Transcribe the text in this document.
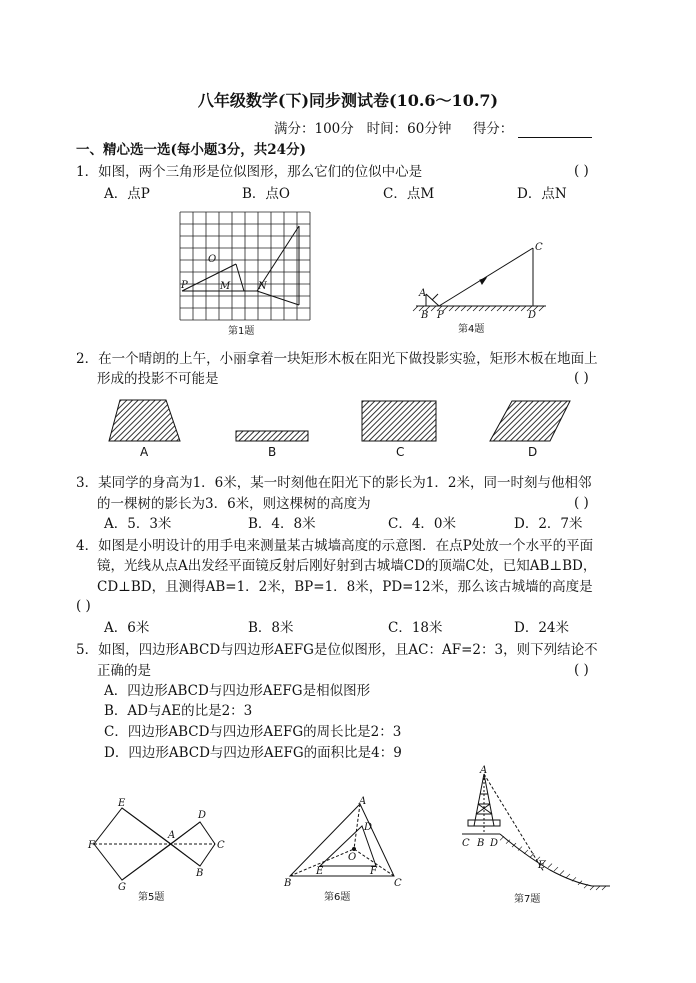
八年级数学(下)同步测试卷(10.6～10.7)
满分：100分 时间：60分钟 得分：
一、精心选一选(每小题3分，共24分)
1．如图，两个三角形是位似图形，那么它们的位似中心是	( )
A．点P	B．点O	C．点M	D．点N
O
P	M	N
第1题
A
B P
C
D
第4题
2．在一个晴朗的上午，小丽拿着一块矩形木板在阳光下做投影实验，矩形木板在地面上
形成的投影不可能是	( )
A	B	C	D
3．某同学的身高为1．6米，某一时刻他在阳光下的影长为1．2米，同一时刻与他相邻
的一棵树的影长为3．6米，则这棵树的高度为	( )
A．5．3米	B．4．8米	C．4．0米	D．2．7米
4．如图是小明设计的用手电来测量某古城墙高度的示意图．在点P处放一个水平的平面
镜，光线从点A出发经平面镜反射后刚好射到古城墙CD的顶端C处，已知AB⊥BD，
CD⊥BD，且测得AB=1．2米，BP=1．8米，PD=12米，那么该古城墙的高度是
( )
A．6米	B．8米	C．18米	D．24米
5．如图，四边形ABCD与四边形AEFG是位似图形，且AC：AF=2：3，则下列结论不
正确的是	( )
A．四边形ABCD与四边形AEFG是相似图形
B．AD与AE的比是2：3
C．四边形ABCD与四边形AEFG的周长比是2：3
D．四边形ABCD与四边形AEFG的面积比是4：9
E
D
F
A
C
G
B
第5题
A
D
O
E	F
B	C
第6题
A
C B D
E
第7题
